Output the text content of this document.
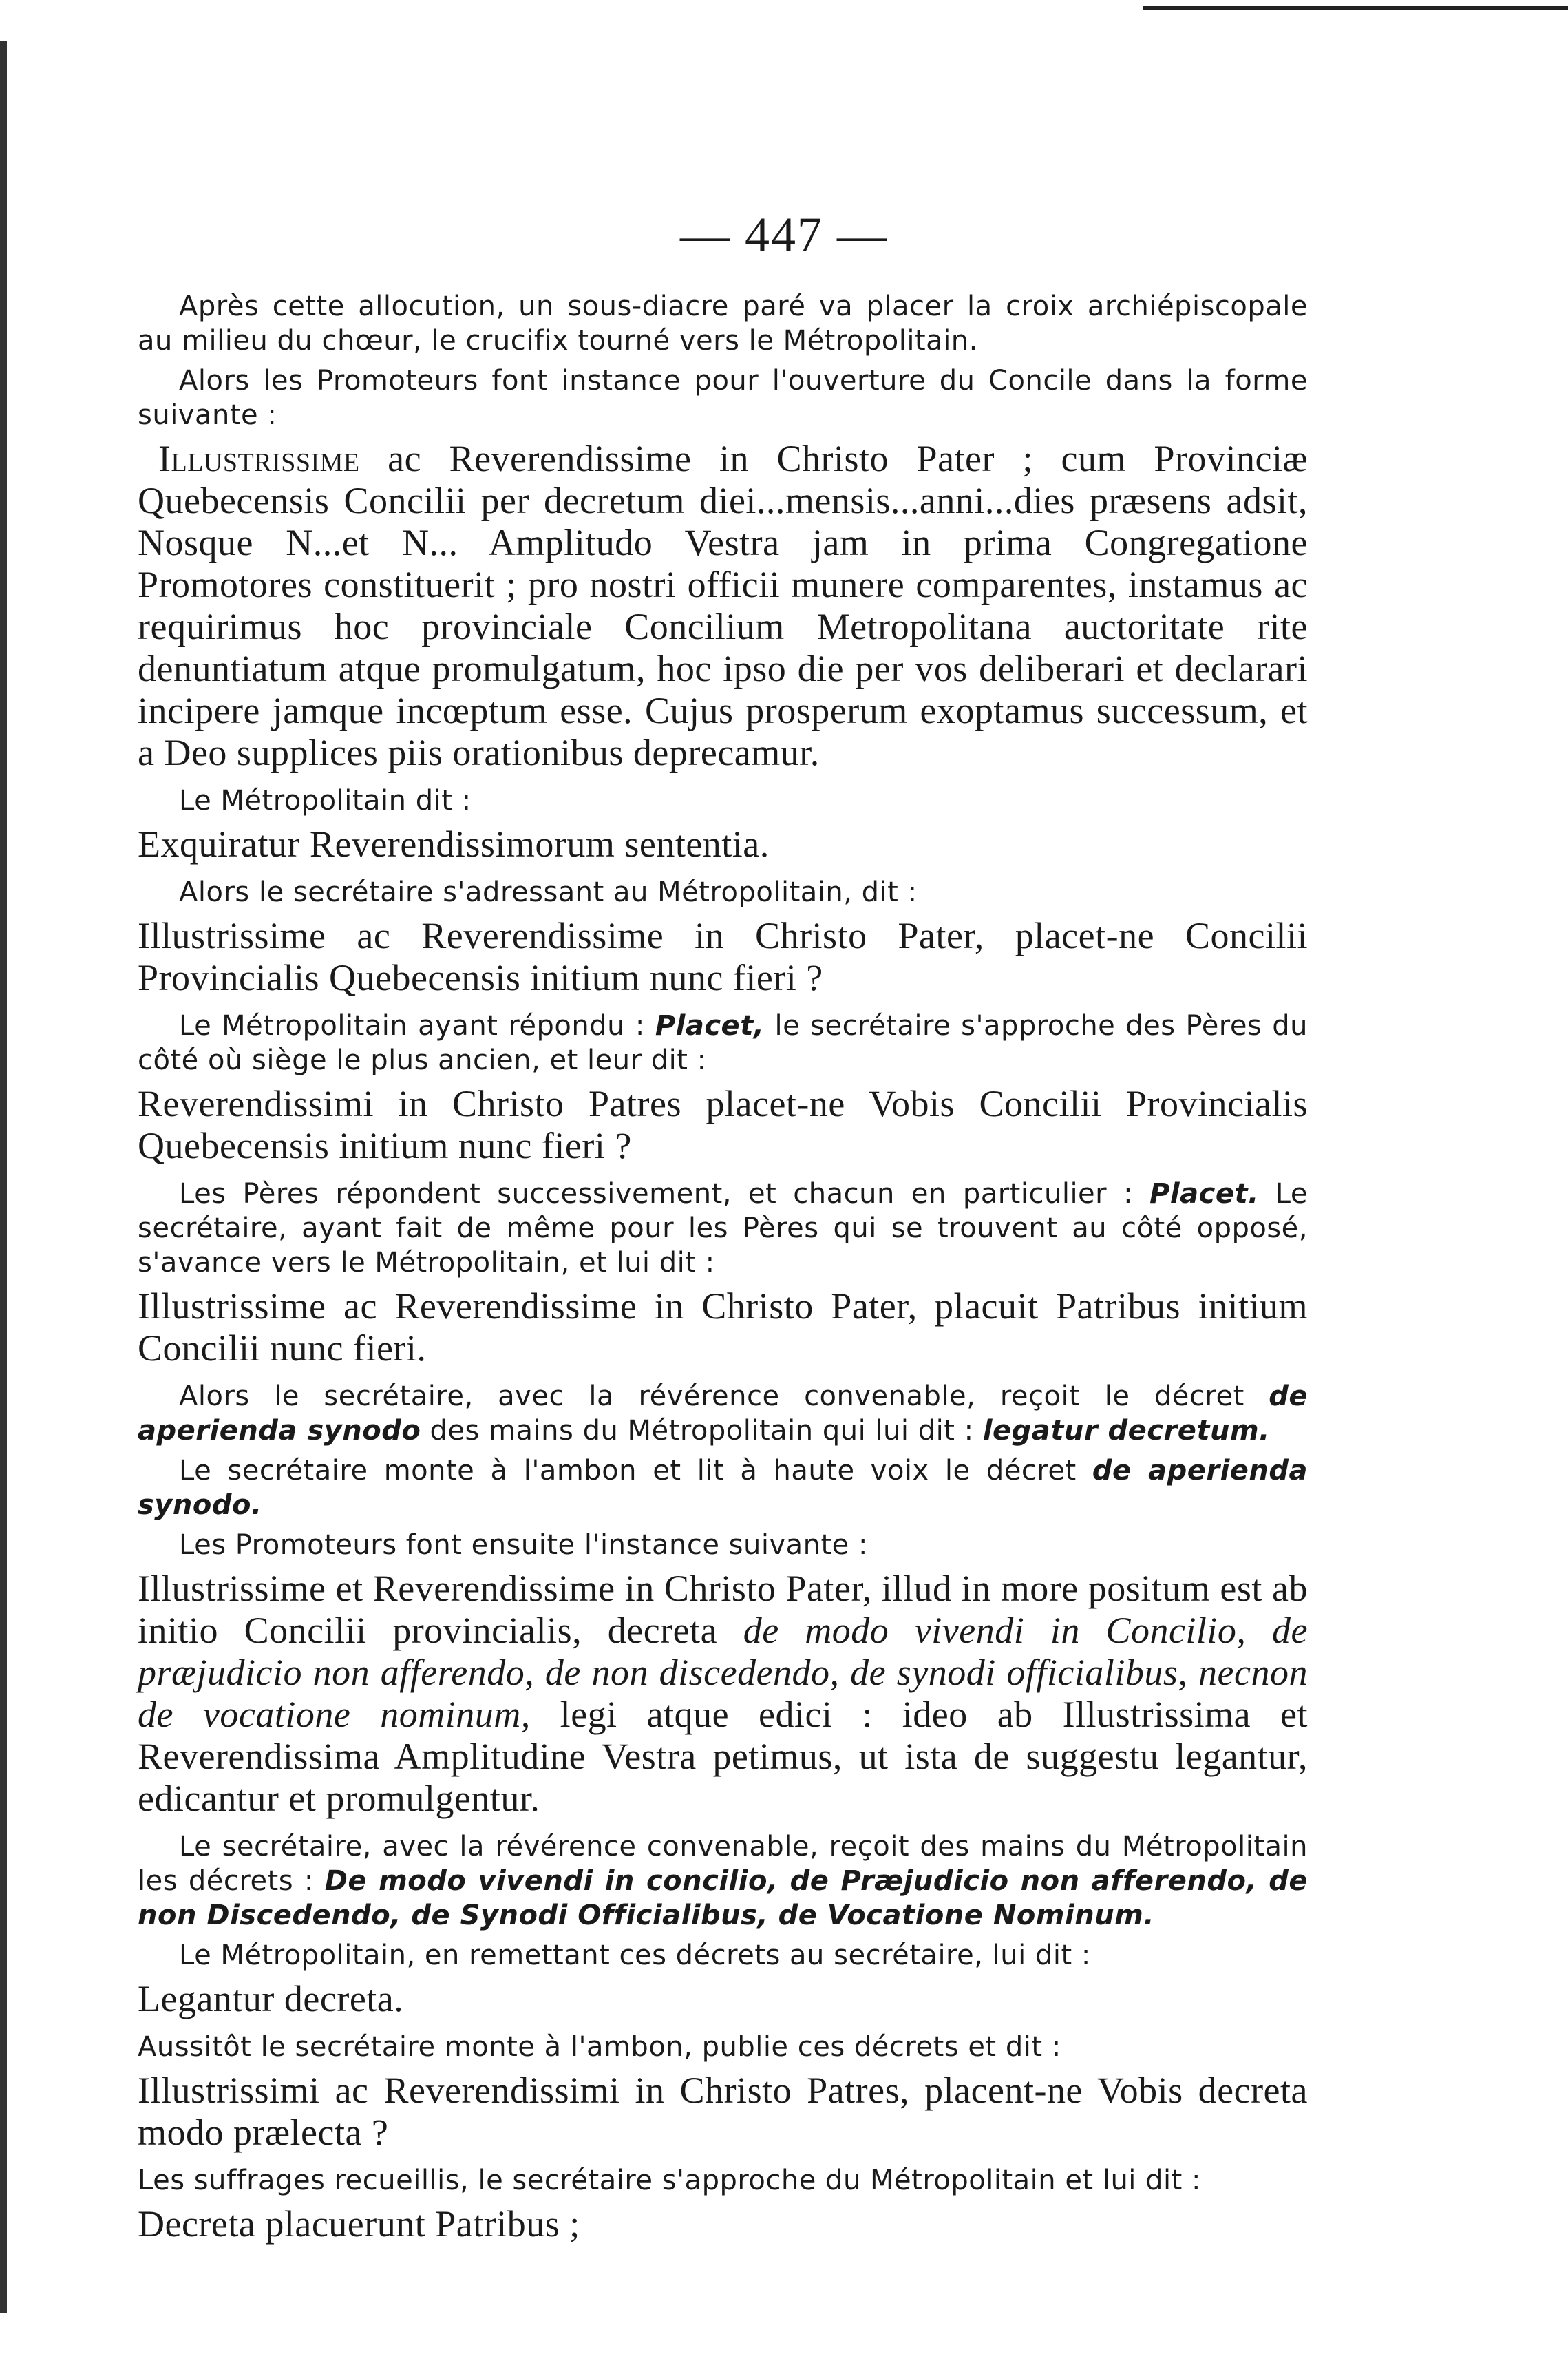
— 447 —

Après cette allocution, un sous-diacre paré va placer la croix archiépiscopale au milieu du chœur, le crucifix tourné vers le Métropolitain.

Alors les Promoteurs font instance pour l'ouverture du Concile dans la forme suivante :

Illustrissime ac Reverendissime in Christo Pater ; cum Provinciæ Quebecensis Concilii per decretum diei...mensis...anni...dies præsens adsit, Nosque N...et N... Amplitudo Vestra jam in prima Congregatione Promotores constituerit ; pro nostri officii munere comparentes, instamus ac requirimus hoc provinciale Concilium Metropolitana auctoritate rite denuntiatum atque promulgatum, hoc ipso die per vos deliberari et declarari incipere jamque incœptum esse. Cujus prosperum exoptamus successum, et a Deo supplices piis orationibus deprecamur.

Le Métropolitain dit :

Exquiratur Reverendissimorum sententia.

Alors le secrétaire s'adressant au Métropolitain, dit :

Illustrissime ac Reverendissime in Christo Pater, placet-ne Concilii Provincialis Quebecensis initium nunc fieri ?

Le Métropolitain ayant répondu : Placet, le secrétaire s'approche des Pères du côté où siège le plus ancien, et leur dit :

Reverendissimi in Christo Patres placet-ne Vobis Concilii Provincialis Quebecensis initium nunc fieri ?

Les Pères répondent successivement, et chacun en particulier : Placet. Le secrétaire, ayant fait de même pour les Pères qui se trouvent au côté opposé, s'avance vers le Métropolitain, et lui dit :

Illustrissime ac Reverendissime in Christo Pater, placuit Patribus initium Concilii nunc fieri.

Alors le secrétaire, avec la révérence convenable, reçoit le décret de aperienda synodo des mains du Métropolitain qui lui dit : legatur decretum.

Le secrétaire monte à l'ambon et lit à haute voix le décret de aperienda synodo.

Les Promoteurs font ensuite l'instance suivante :

Illustrissime et Reverendissime in Christo Pater, illud in more positum est ab initio Concilii provincialis, decreta de modo vivendi in Concilio, de præjudicio non afferendo, de non discedendo, de synodi officialibus, necnon de vocatione nominum, legi atque edici : ideo ab Illustrissima et Reverendissima Amplitudine Vestra petimus, ut ista de suggestu legantur, edicantur et promulgentur.

Le secrétaire, avec la révérence convenable, reçoit des mains du Métropolitain les décrets : De modo vivendi in concilio, de Præjudicio non afferendo, de non Discedendo, de Synodi Officialibus, de Vocatione Nominum.

Le Métropolitain, en remettant ces décrets au secrétaire, lui dit :

Legantur decreta.

Aussitôt le secrétaire monte à l'ambon, publie ces décrets et dit :

Illustrissimi ac Reverendissimi in Christo Patres, placent-ne Vobis decreta modo prælecta ?

Les suffrages recueillis, le secrétaire s'approche du Métropolitain et lui dit :

Decreta placuerunt Patribus ;
